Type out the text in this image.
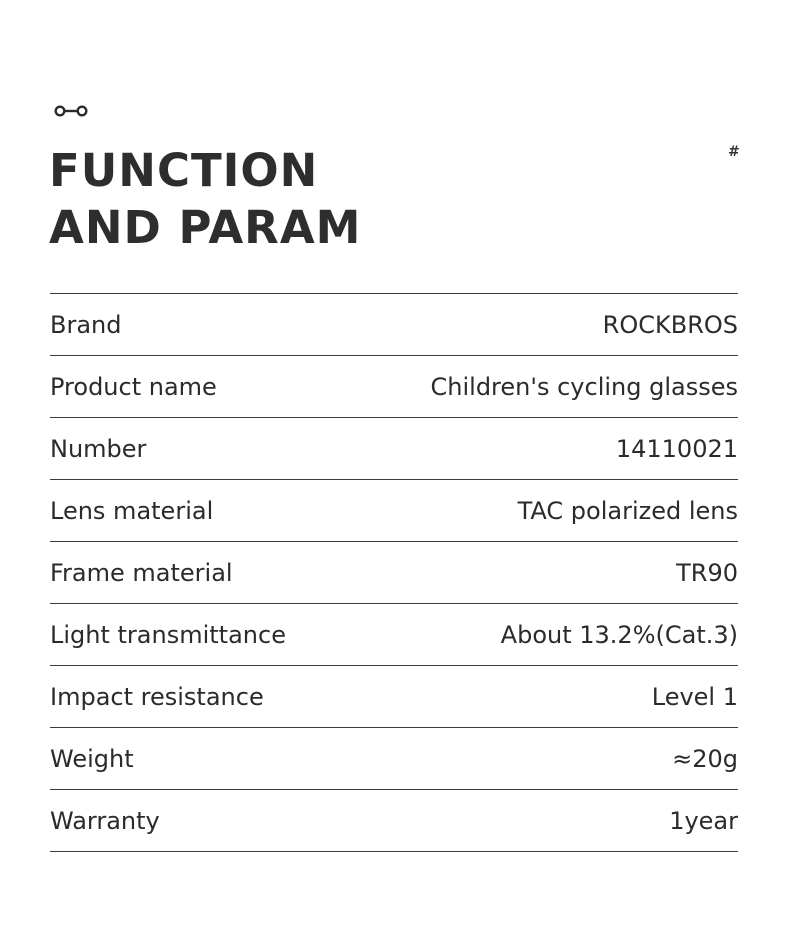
#
FUNCTION
AND PARAM
Brand	ROCKBROS
Product name	Children's cycling glasses
Number	14110021
Lens material	TAC polarized lens
Frame material	TR90
Light transmittance	About 13.2%(Cat.3)
Impact resistance	Level 1
Weight	≈20g
Warranty	1year
